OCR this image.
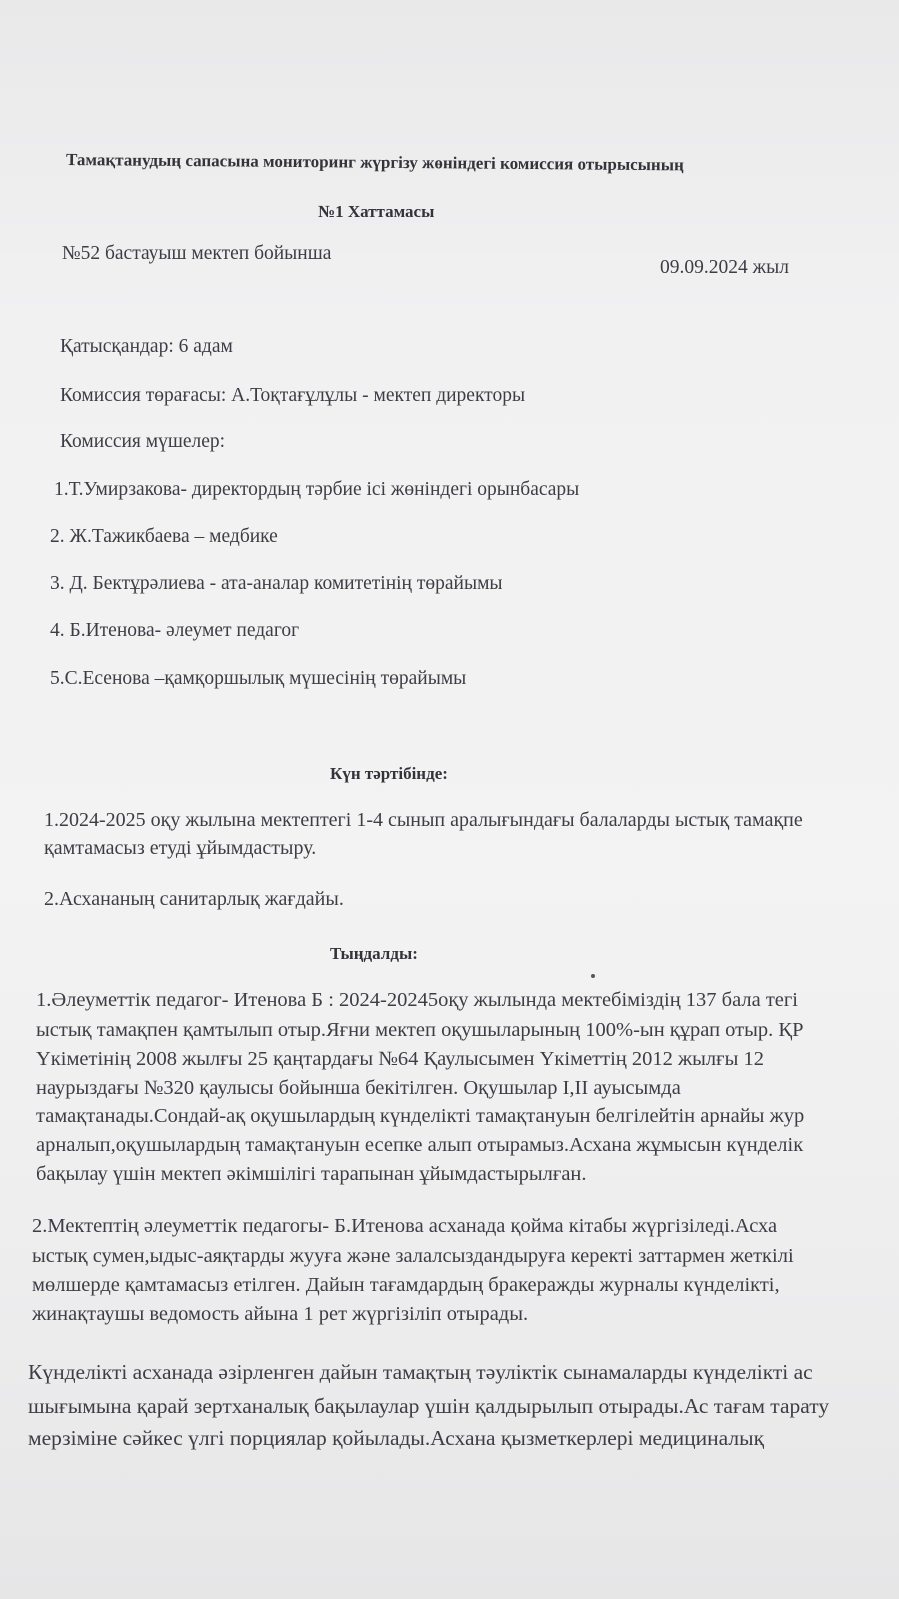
Тамақтанудың сапасына мониторинг жүргізу жөніндегі комиссия отырысының
№1 Хаттамасы
№52 бастауыш мектеп бойынша
09.09.2024 жыл
Қатысқандар: 6 адам
Комиссия төрағасы: А.Тоқтағұлұлы - мектеп директоры
Комиссия мүшелер:
1.Т.Умирзакова- директордың тәрбие ісі жөніндегі орынбасары
2. Ж.Тажикбаева – медбике
3. Д. Бектұрәлиева - ата-аналар комитетінің төрайымы
4. Б.Итенова- әлеумет педагог
5.С.Есенова –қамқоршылық мүшесінің төрайымы
Күн тәртібінде:
1.2024-2025 оқу жылына мектептегі 1-4 сынып аралығындағы балаларды ыстық тамақпе
қамтамасыз етуді ұйымдастыру.
2.Асхананың санитарлық жағдайы.
Тыңдалды:
1.Әлеуметтік педагог- Итенова Б : 2024-20245оқу жылында мектебіміздің 137 бала тегі
ыстық тамақпен қамтылып отыр.Яғни мектеп оқушыларының 100%-ын құрап отыр. ҚР
Үкіметінің 2008 жылғы 25 қаңтардағы №64 Қаулысымен Үкіметтің 2012 жылғы 12
наурыздағы №320 қаулысы бойынша бекітілген. Оқушылар І,ІІ ауысымда
тамақтанады.Сондай-ақ оқушылардың күнделікті тамақтануын белгілейтін арнайы жур
арналып,оқушылардың тамақтануын есепке алып отырамыз.Асхана жұмысын күнделік
бақылау үшін мектеп әкімшілігі тарапынан ұйымдастырылған.
2.Мектептің әлеуметтік педагогы- Б.Итенова асханада қойма кітабы жүргізіледі.Асха
ыстық сумен,ыдыс-аяқтарды жууға және залалсыздандыруға керекті заттармен жеткілі
мөлшерде қамтамасыз етілген. Дайын тағамдардың бракеражды журналы күнделікті,
жинақтаушы ведомость айына 1 рет жүргізіліп отырады.
Күнделікті асханада әзірленген дайын тамақтың тәуліктік сынамаларды күнделікті ас
шығымына қарай зертханалық бақылаулар үшін қалдырылып отырады.Ас тағам тарату
мерзіміне сәйкес үлгі порциялар қойылады.Асхана қызметкерлері медициналық
